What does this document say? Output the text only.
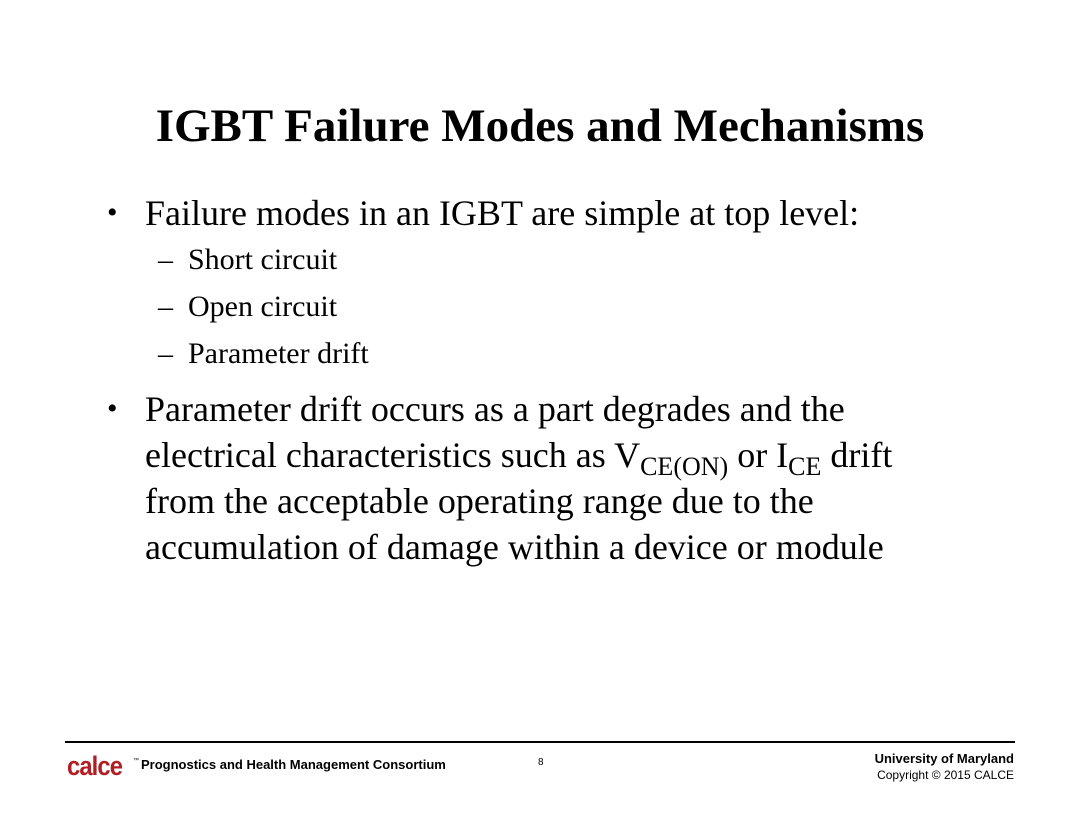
IGBT Failure Modes and Mechanisms
• Failure modes in an IGBT are simple at top level:
– Short circuit
– Open circuit
– Parameter drift
• Parameter drift occurs as a part degrades and the
electrical characteristics such as $V_{CE(ON)}$ or $I_{CE}$ drift
from the acceptable operating range due to the
accumulation of damage within a device or module
calce ™ Prognostics and Health Management Consortium	8	University of Maryland
Copyright © 2015 CALCE
